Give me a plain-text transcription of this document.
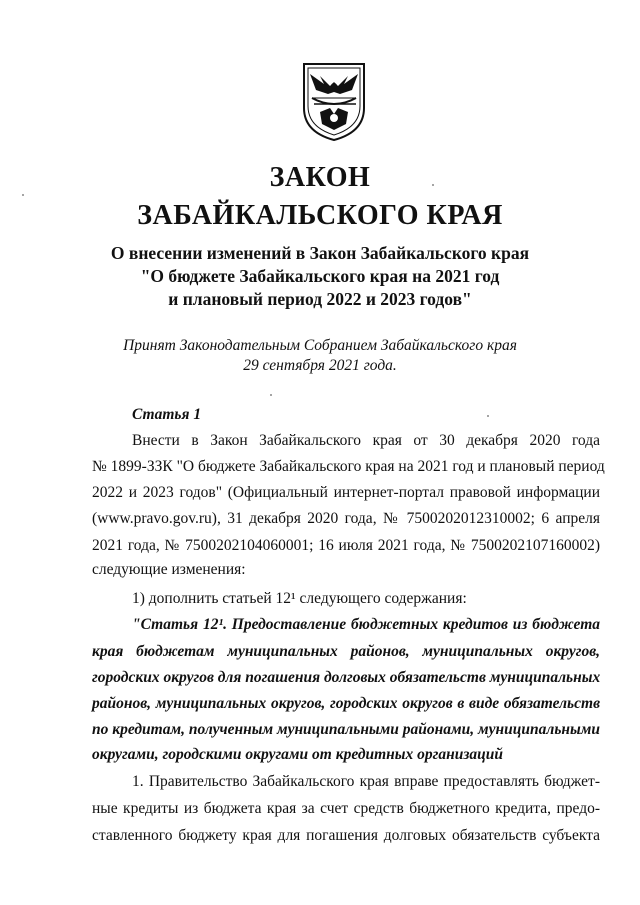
ЗАКОН
ЗАБАЙКАЛЬСКОГО КРАЯ
О внесении изменений в Закон Забайкальского края
"О бюджете Забайкальского края на 2021 год
и плановый период 2022 и 2023 годов"
Принят Законодательным Собранием Забайкальского края
29 сентября 2021 года.
Статья 1
Внести в Закон Забайкальского края от 30 декабря 2020 года
№ 1899-ЗЗК "О бюджете Забайкальского края на 2021 год и плановый период
2022 и 2023 годов" (Официальный интернет-портал правовой информации
(www.pravo.gov.ru), 31 декабря 2020 года, № 7500202012310002; 6 апреля
2021 года, № 7500202104060001; 16 июля 2021 года, № 7500202107160002)
следующие изменения:
1) дополнить статьей 12¹ следующего содержания:
"Статья 12¹. Предоставление бюджетных кредитов из бюджета
края бюджетам муниципальных районов, муниципальных округов,
городских округов для погашения долговых обязательств муниципальных
районов, муниципальных округов, городских округов в виде обязательств
по кредитам, полученным муниципальными районами, муниципальными
округами, городскими округами от кредитных организаций
1. Правительство Забайкальского края вправе предоставлять бюджет-
ные кредиты из бюджета края за счет средств бюджетного кредита, предо-
ставленного бюджету края для погашения долговых обязательств субъекта
